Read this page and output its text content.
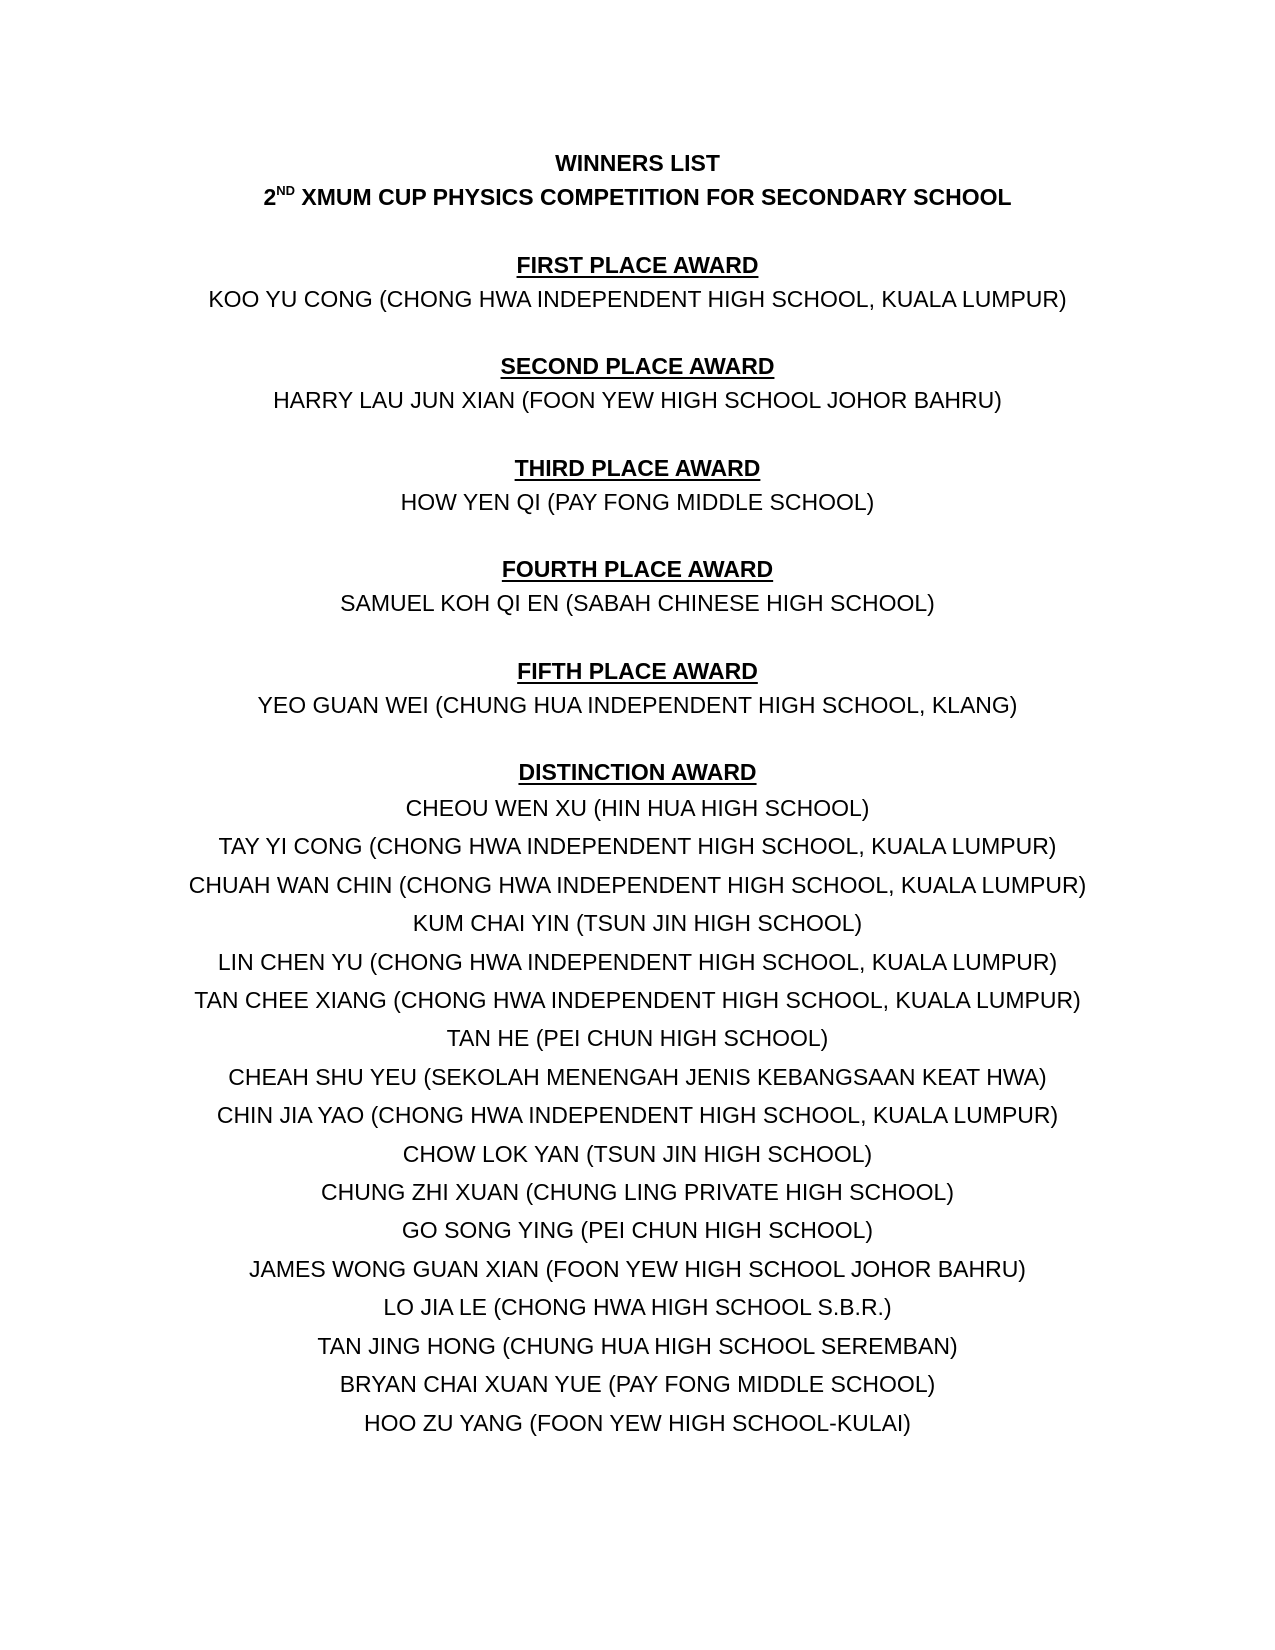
WINNERS LIST
2ND XMUM CUP PHYSICS COMPETITION FOR SECONDARY SCHOOL
FIRST PLACE AWARD
KOO YU CONG (CHONG HWA INDEPENDENT HIGH SCHOOL, KUALA LUMPUR)
SECOND PLACE AWARD
HARRY LAU JUN XIAN (FOON YEW HIGH SCHOOL JOHOR BAHRU)
THIRD PLACE AWARD
HOW YEN QI (PAY FONG MIDDLE SCHOOL)
FOURTH PLACE AWARD
SAMUEL KOH QI EN (SABAH CHINESE HIGH SCHOOL)
FIFTH PLACE AWARD
YEO GUAN WEI (CHUNG HUA INDEPENDENT HIGH SCHOOL, KLANG)
DISTINCTION AWARD
CHEOU WEN XU (HIN HUA HIGH SCHOOL)
TAY YI CONG (CHONG HWA INDEPENDENT HIGH SCHOOL, KUALA LUMPUR)
CHUAH WAN CHIN (CHONG HWA INDEPENDENT HIGH SCHOOL, KUALA LUMPUR)
KUM CHAI YIN (TSUN JIN HIGH SCHOOL)
LIN CHEN YU (CHONG HWA INDEPENDENT HIGH SCHOOL, KUALA LUMPUR)
TAN CHEE XIANG (CHONG HWA INDEPENDENT HIGH SCHOOL, KUALA LUMPUR)
TAN HE (PEI CHUN HIGH SCHOOL)
CHEAH SHU YEU (SEKOLAH MENENGAH JENIS KEBANGSAAN KEAT HWA)
CHIN JIA YAO (CHONG HWA INDEPENDENT HIGH SCHOOL, KUALA LUMPUR)
CHOW LOK YAN (TSUN JIN HIGH SCHOOL)
CHUNG ZHI XUAN (CHUNG LING PRIVATE HIGH SCHOOL)
GO SONG YING (PEI CHUN HIGH SCHOOL)
JAMES WONG GUAN XIAN (FOON YEW HIGH SCHOOL JOHOR BAHRU)
LO JIA LE (CHONG HWA HIGH SCHOOL S.B.R.)
TAN JING HONG (CHUNG HUA HIGH SCHOOL SEREMBAN)
BRYAN CHAI XUAN YUE (PAY FONG MIDDLE SCHOOL)
HOO ZU YANG (FOON YEW HIGH SCHOOL-KULAI)
